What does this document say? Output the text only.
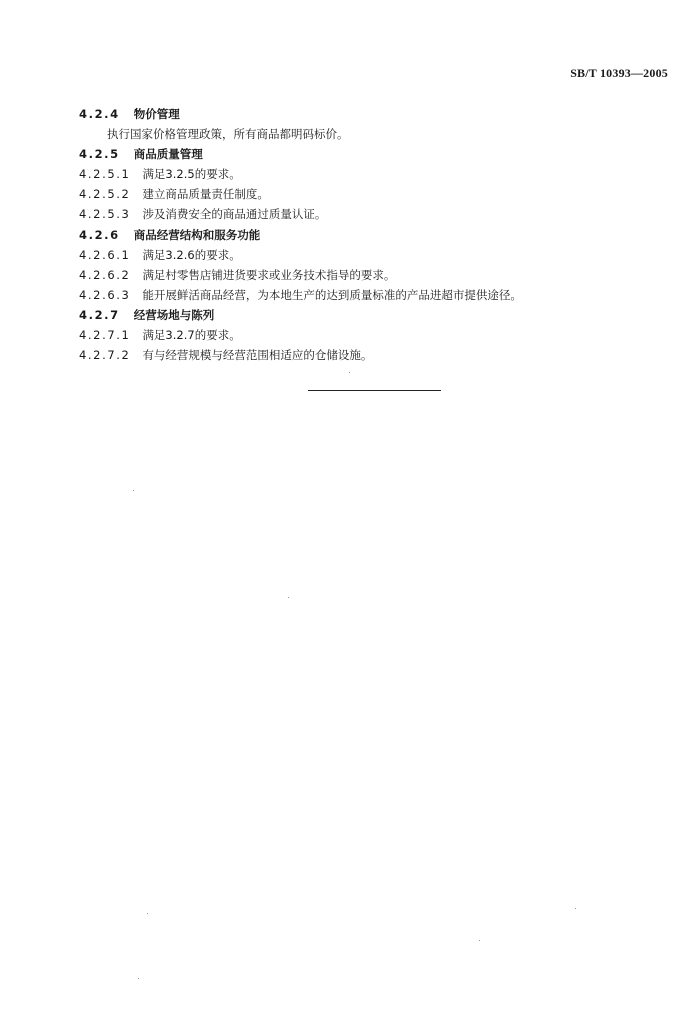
SB/T 10393—2005
4.2.4 物价管理
执行国家价格管理政策，所有商品都明码标价。
4.2.5 商品质量管理
4.2.5.1 满足3.2.5的要求。
4.2.5.2 建立商品质量责任制度。
4.2.5.3 涉及消费安全的商品通过质量认证。
4.2.6 商品经营结构和服务功能
4.2.6.1 满足3.2.6的要求。
4.2.6.2 满足村零售店铺进货要求或业务技术指导的要求。
4.2.6.3 能开展鲜活商品经营，为本地生产的达到质量标准的产品进超市提供途径。
4.2.7 经营场地与陈列
4.2.7.1 满足3.2.7的要求。
4.2.7.2 有与经营规模与经营范围相适应的仓储设施。
